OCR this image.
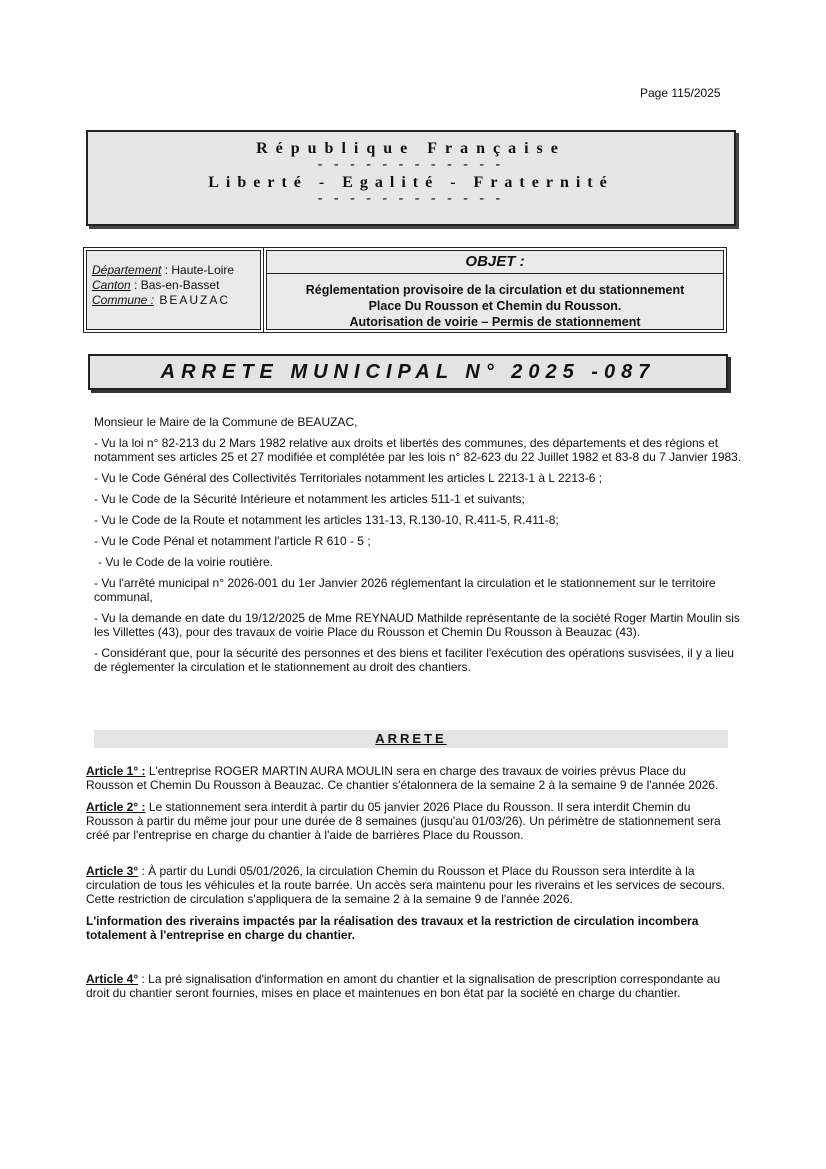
Page 115/2025
République Française
- - - - - - - - - - - -
Liberté - Egalité - Fraternité
- - - - - - - - - - - -
Département : Haute-Loire
Canton : Bas-en-Basset
Commune : BEAUZAC
OBJET :
Réglementation provisoire de la circulation et du stationnement
Place Du Rousson et Chemin du Rousson.
Autorisation de voirie – Permis de stationnement
ARRETE MUNICIPAL N° 2025 -087

Monsieur le Maire de la Commune de BEAUZAC,

- Vu la loi n° 82-213 du 2 Mars 1982 relative aux droits et libertés des communes, des départements et des régions et notamment ses articles 25 et 27 modifiée et complétée par les lois n° 82-623 du 22 Juillet 1982 et 83-8 du 7 Janvier 1983.

- Vu le Code Général des Collectivités Territoriales notamment les articles L 2213-1 à L 2213-6 ;

- Vu le Code de la Sécurité Intérieure et notamment les articles 511-1 et suivants;

- Vu le Code de la Route et notamment les articles 131-13, R.130-10, R.411-5, R.411-8;

- Vu le Code Pénal et notamment l'article R 610 - 5 ;

- Vu le Code de la voirie routière.

- Vu l'arrêté municipal n° 2026-001 du 1er Janvier 2026 réglementant la circulation et le stationnement sur le territoire communal,

- Vu la demande en date du 19/12/2025 de Mme REYNAUD Mathilde représentante de la société Roger Martin Moulin sis les Villettes (43), pour des travaux de voirie Place du Rousson et Chemin Du Rousson à Beauzac (43).

- Considérant que, pour la sécurité des personnes et des biens et faciliter l'exécution des opérations susvisées, il y a lieu de réglementer la circulation et le stationnement au droit des chantiers.

ARRETE

Article 1° : L'entreprise ROGER MARTIN AURA MOULIN sera en charge des travaux de voiries prévus Place du Rousson et Chemin Du Rousson à Beauzac. Ce chantier s'étalonnera de la semaine 2 à la semaine 9 de l'année 2026.

Article 2° : Le stationnement sera interdit à partir du 05 janvier 2026 Place du Rousson. Il sera interdit Chemin du Rousson à partir du même jour pour une durée de 8 semaines (jusqu'au 01/03/26). Un périmètre de stationnement sera créé par l'entreprise en charge du chantier à l'aide de barrières Place du Rousson.

Article 3° : À partir du Lundi 05/01/2026, la circulation Chemin du Rousson et Place du Rousson sera interdite à la circulation de tous les véhicules et la route barrée. Un accès sera maintenu pour les riverains et les services de secours. Cette restriction de circulation s'appliquera de la semaine 2 à la semaine 9 de l'année 2026.

L'information des riverains impactés par la réalisation des travaux et la restriction de circulation incombera totalement à l'entreprise en charge du chantier.

Article 4° : La pré signalisation d'information en amont du chantier et la signalisation de prescription correspondante au droit du chantier seront fournies, mises en place et maintenues en bon état par la société en charge du chantier.
